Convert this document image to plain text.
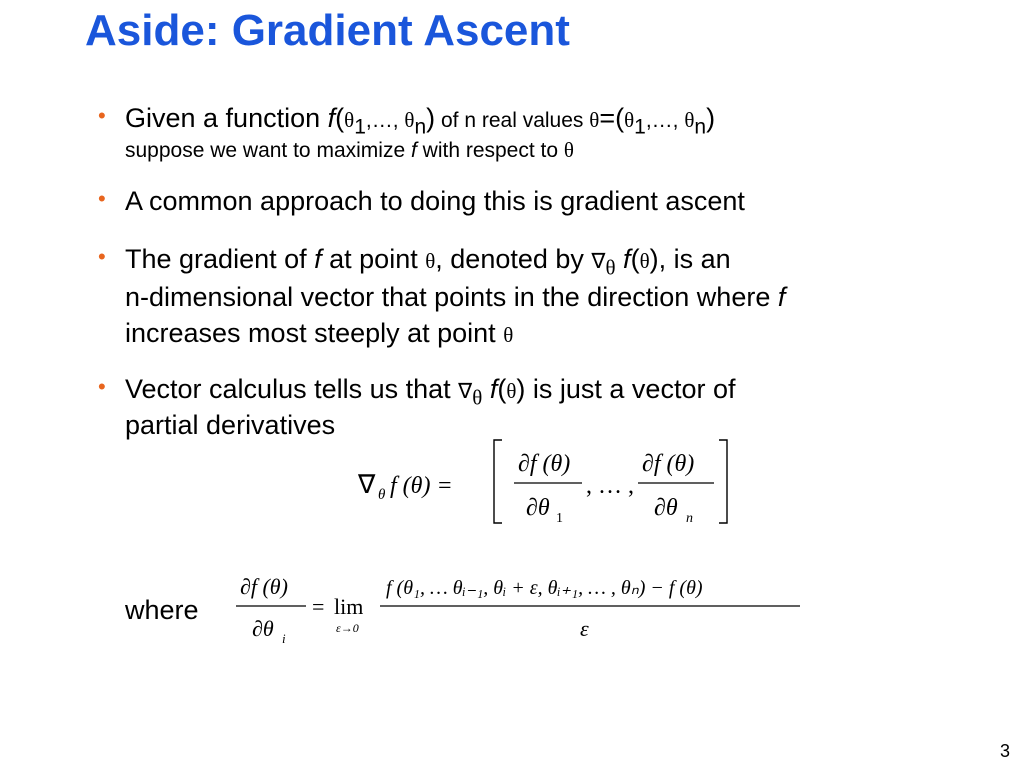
Aside: Gradient Ascent
• Given a function $f(\theta_1,\dots$, $\theta_n$) of n real values $\theta=(\theta_1,\dots$, $\theta_n$)
suppose we want to maximize f with respect to θ
• A common approach to doing this is gradient ascent
• The gradient of f at point θ, denoted by $\nabla_\theta$ f(θ), is an
n-dimensional vector that points in the direction where f
increases most steeply at point θ
• Vector calculus tells us that $\nabla_\theta$ f(θ) is just a vector of
partial derivatives
∇ θ f (θ) =
∂f (θ)
∂θ 1
, … ,
∂f (θ)
∂θ n
where
∂f (θ)
∂θ i
= lim
ε→0
f (θ₁, … θᵢ₋₁, θᵢ + ε, θᵢ₊₁, … , θₙ) − f (θ)
ε
3
